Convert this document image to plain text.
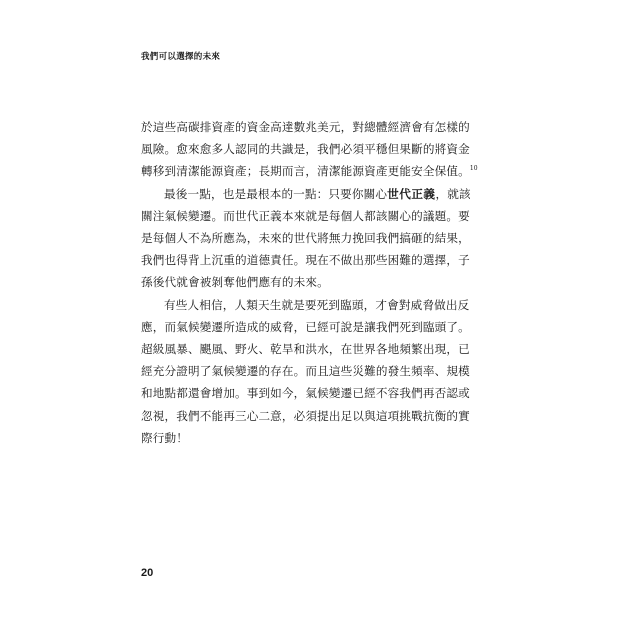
我們可以選擇的未來
於這些高碳排資產的資金高達數兆美元，對總體經濟會有怎樣的
風險。愈來愈多人認同的共識是，我們必須平穩但果斷的將資金
轉移到清潔能源資產；長期而言，清潔能源資產更能安全保值。$^{10}$
最後一點，也是最根本的一點：只要你關心世代正義，就該
關注氣候變遷。而世代正義本來就是每個人都該關心的議題。要
是每個人不為所應為，未來的世代將無力挽回我們搞砸的結果，
我們也得背上沉重的道德責任。現在不做出那些困難的選擇，子
孫後代就會被剝奪他們應有的未來。
有些人相信，人類天生就是要死到臨頭，才會對威脅做出反
應，而氣候變遷所造成的威脅，已經可說是讓我們死到臨頭了。
超級風暴、颶風、野火、乾旱和洪水，在世界各地頻繁出現，已
經充分證明了氣候變遷的存在。而且這些災難的發生頻率、規模
和地點都還會增加。事到如今，氣候變遷已經不容我們再否認或
忽視，我們不能再三心二意，必須提出足以與這項挑戰抗衡的實
際行動！
20
